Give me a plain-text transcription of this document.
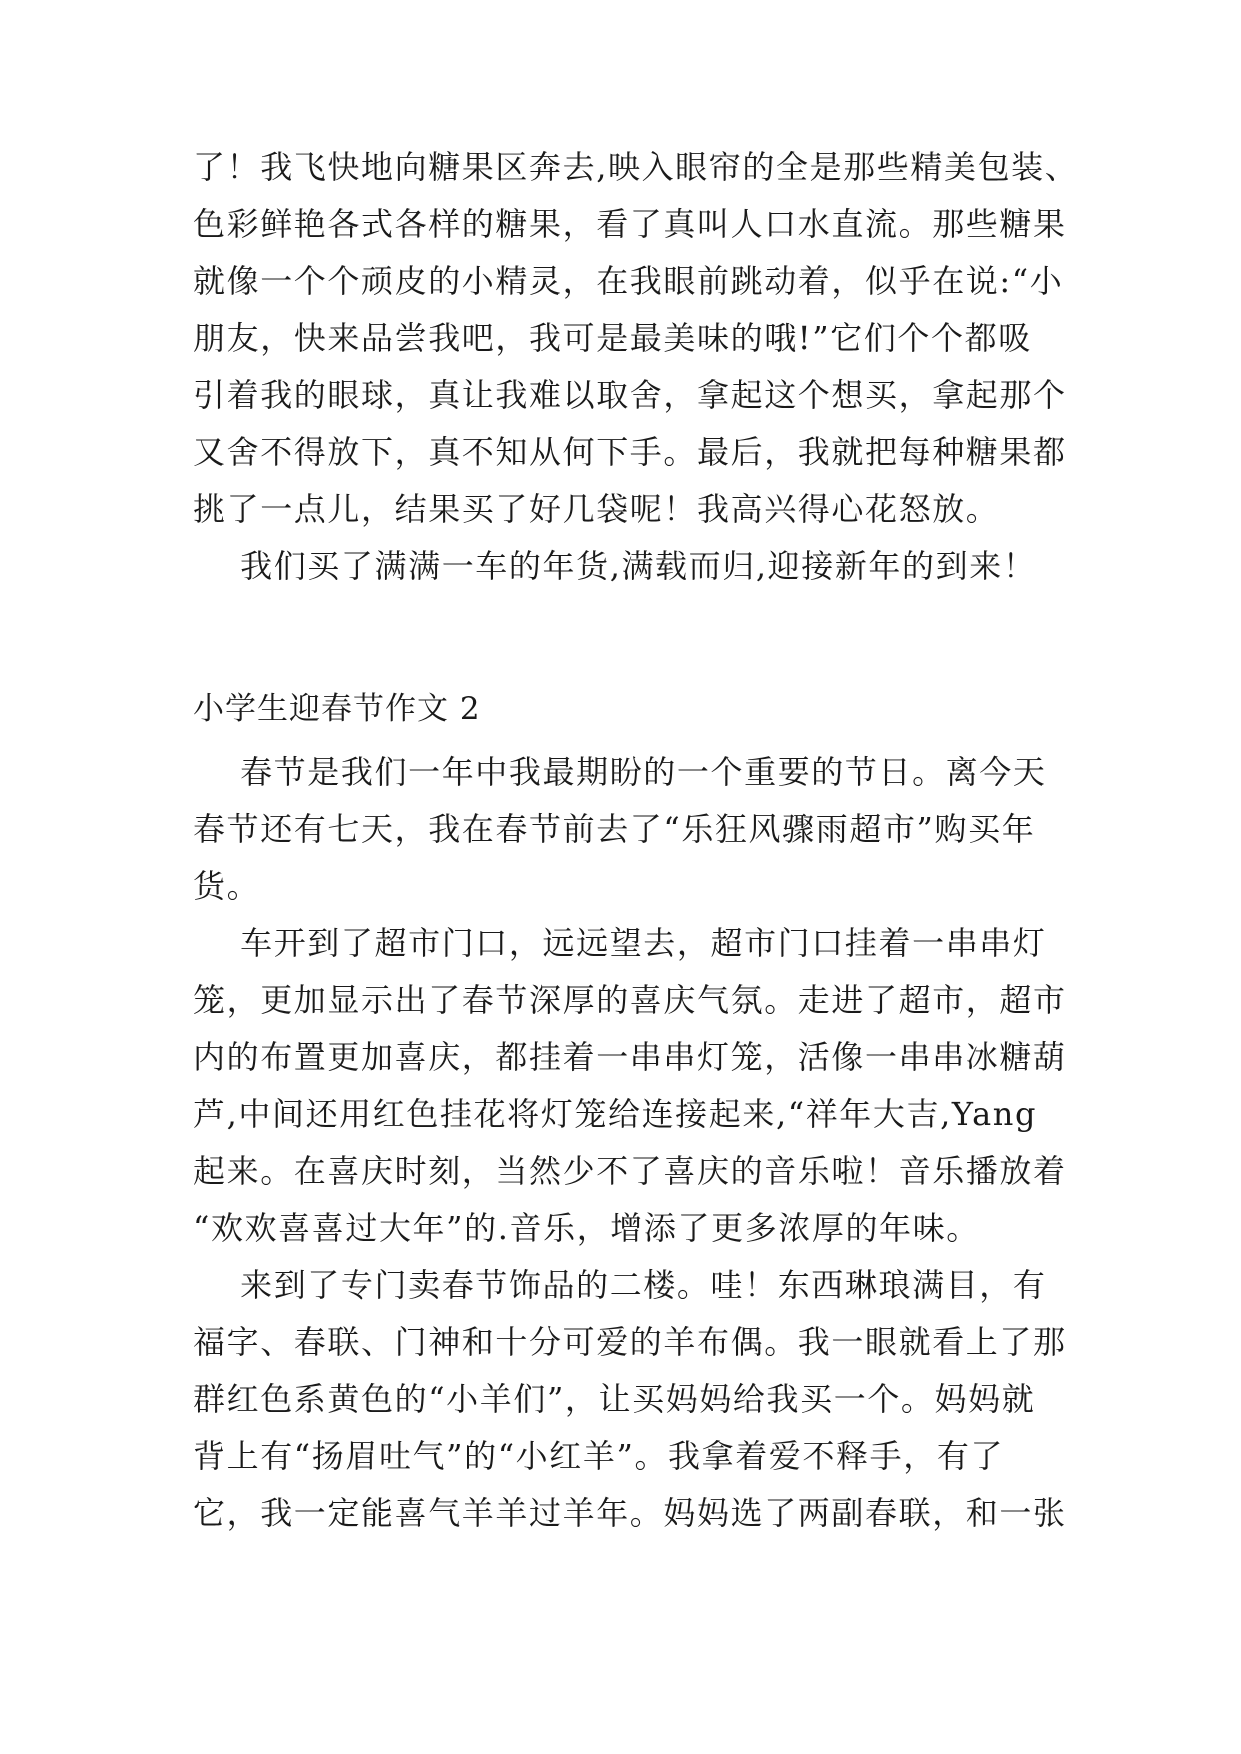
了！我飞快地向糖果区奔去,映入眼帘的全是那些精美包装、
色彩鲜艳各式各样的糖果，看了真叫人口水直流。那些糖果
就像一个个顽皮的小精灵，在我眼前跳动着，似乎在说:“小
朋友，快来品尝我吧，我可是最美味的哦!”它们个个都吸
引着我的眼球，真让我难以取舍，拿起这个想买，拿起那个
又舍不得放下，真不知从何下手。最后，我就把每种糖果都
挑了一点儿，结果买了好几袋呢！我高兴得心花怒放。
我们买了满满一车的年货,满载而归,迎接新年的到来！
小学生迎春节作文 2
春节是我们一年中我最期盼的一个重要的节日。离今天
春节还有七天，我在春节前去了“乐狂风骤雨超市”购买年
货。
车开到了超市门口，远远望去，超市门口挂着一串串灯
笼，更加显示出了春节深厚的喜庆气氛。走进了超市，超市
内的布置更加喜庆，都挂着一串串灯笼，活像一串串冰糖葫
芦,中间还用红色挂花将灯笼给连接起来,“祥年大吉,Yang
起来。在喜庆时刻，当然少不了喜庆的音乐啦！音乐播放着
“欢欢喜喜过大年”的.音乐，增添了更多浓厚的年味。
来到了专门卖春节饰品的二楼。哇！东西琳琅满目，有
福字、春联、门神和十分可爱的羊布偶。我一眼就看上了那
群红色系黄色的“小羊们”，让买妈妈给我买一个。妈妈就
背上有“扬眉吐气”的“小红羊”。我拿着爱不释手，有了
它，我一定能喜气羊羊过羊年。妈妈选了两副春联，和一张
